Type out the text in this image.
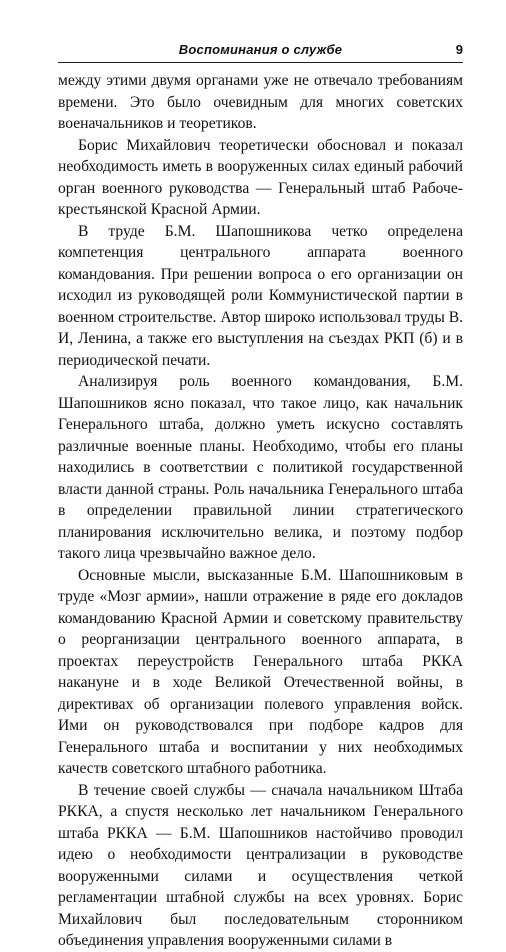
Воспоминания о службе	9

между этими двумя органами уже не отвечало требованиям времени. Это было очевидным для многих советских военачальников и теоретиков.

Борис Михайлович теоретически обосновал и показал необходимость иметь в вооруженных силах единый рабочий орган военного руководства — Генеральный штаб Рабоче-крестьянской Красной Армии.

В труде Б.М. Шапошникова четко определена компетенция центрального аппарата военного командования. При решении вопроса о его организации он исходил из руководящей роли Коммунистической партии в военном строительстве. Автор широко использовал труды В. И, Ленина, а также его выступления на съездах РКП (б) и в периодической печати.

Анализируя роль военного командования, Б.М. Шапошников ясно показал, что такое лицо, как начальник Генерального штаба, должно уметь искусно составлять различные военные планы. Необходимо, чтобы его планы находились в соответствии с политикой государственной власти данной страны. Роль начальника Генерального штаба в определении правильной линии стратегического планирования исключительно велика, и поэтому подбор такого лица чрезвычайно важное дело.

Основные мысли, высказанные Б.М. Шапошниковым в труде «Мозг армии», нашли отражение в ряде его докладов командованию Красной Армии и советскому правительству о реорганизации центрального военного аппарата, в проектах переустройств Генерального штаба РККА накануне и в ходе Великой Отечественной войны, в директивах об организации полевого управления войск. Ими он руководствовался при подборе кадров для Генерального штаба и воспитании у них необходимых качеств советского штабного работника.

В течение своей службы — сначала начальником Штаба РККА, а спустя несколько лет начальником Генерального штаба РККА — Б.М. Шапошников настойчиво проводил идею о необходимости централизации в руководстве вооруженными силами и осуществления четкой регламентации штабной службы на всех уровнях. Борис Михайлович был последовательным сторонником объединения управления вооруженными силами в
